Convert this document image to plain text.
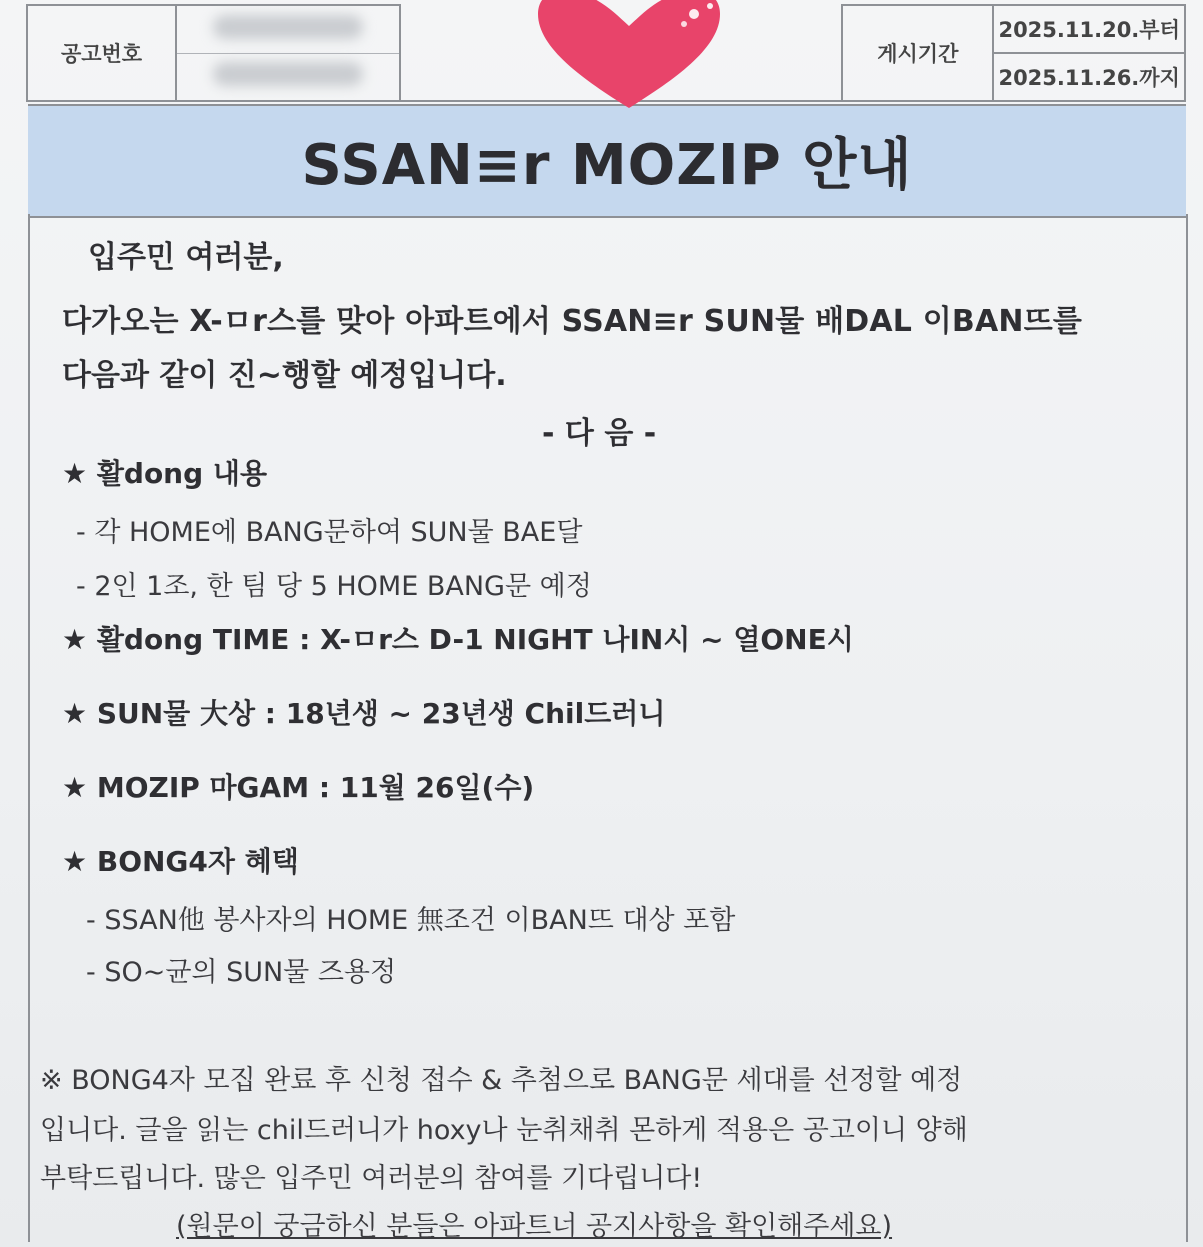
공고번호			게시기간	2025.11.20.부터
				2025.11.26.까지
SSAN≡r MOZIP 안내
입주민 여러분,
다가오는 X-ㅁr스를 맞아 아파트에서 SSAN≡r SUN물 배DAL 이BAN뜨를
다음과 같이 진~행할 예정입니다.
- 다 음 -
★ 활dong 내용
- 각 HOME에 BANG문하여 SUN물 BAE달
- 2인 1조, 한 팀 당 5 HOME BANG문 예정
★ 활dong TIME : X-ㅁr스 D-1 NIGHT 나IN시 ~ 열ONE시
★ SUN물 大상 : 18년생 ~ 23년생 Chil드러니
★ MOZIP 마GAM : 11월 26일(수)
★ BONG4자 혜택
- SSAN他 봉사자의 HOME 無조건 이BAN뜨 대상 포함
- SO~균의 SUN물 즈용정
※ BONG4자 모집 완료 후 신청 접수 & 추첨으로 BANG문 세대를 선정할 예정
입니다. 글을 읽는 chil드러니가 hoxy나 눈취채취 몬하게 적용은 공고이니 양해
부탁드립니다. 많은 입주민 여러분의 참여를 기다립니다!
(원문이 궁금하신 분들은 아파트너 공지사항을 확인해주세요)
